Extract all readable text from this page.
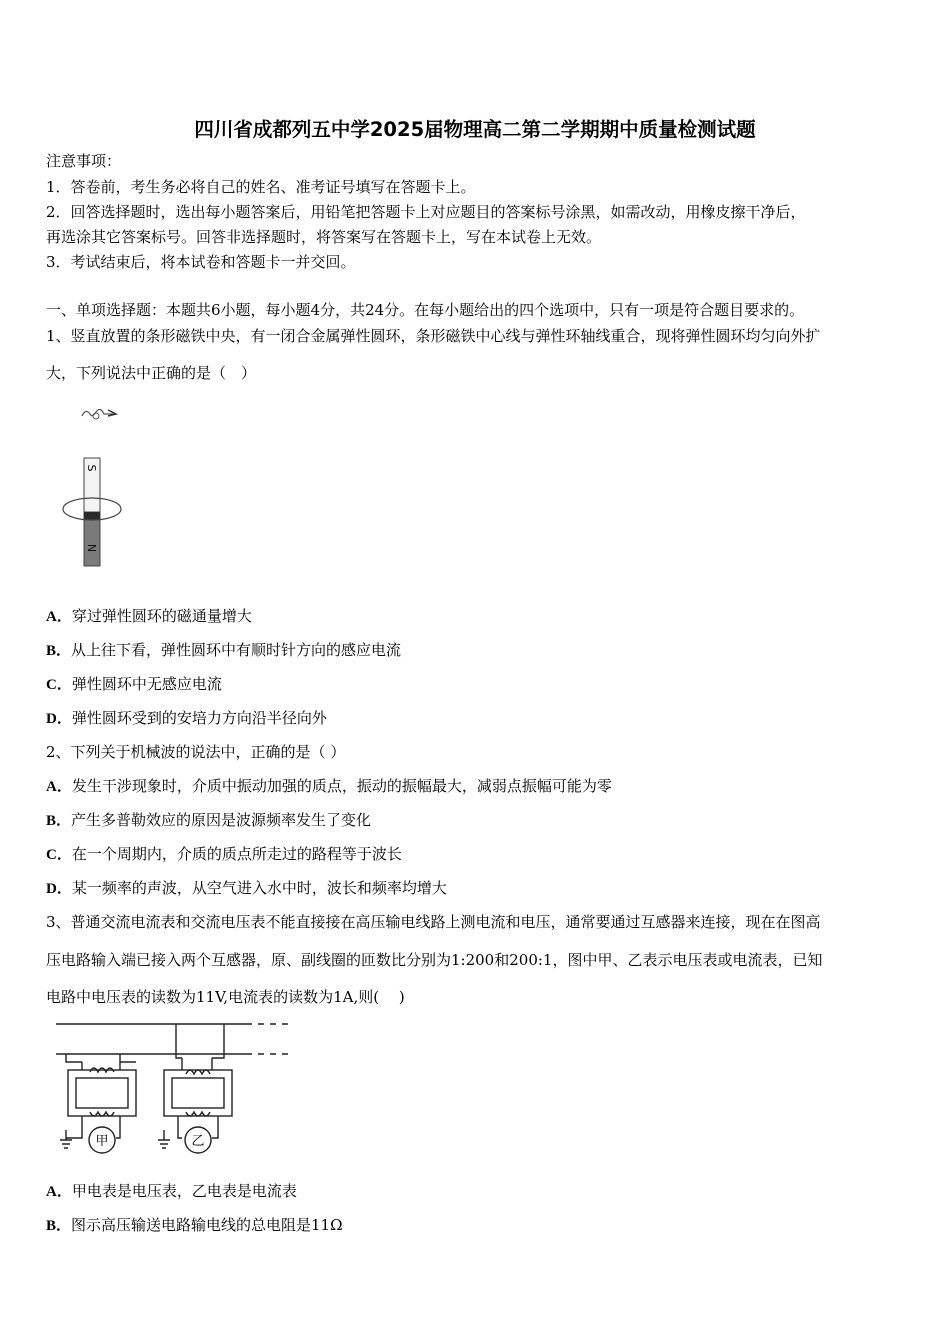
四川省成都列五中学2025届物理高二第二学期期中质量检测试题
注意事项：
1．答卷前，考生务必将自己的姓名、准考证号填写在答题卡上。
2．回答选择题时，选出每小题答案后，用铅笔把答题卡上对应题目的答案标号涂黑，如需改动，用橡皮擦干净后，
再选涂其它答案标号。回答非选择题时，将答案写在答题卡上，写在本试卷上无效。
3．考试结束后，将本试卷和答题卡一并交回。
一、单项选择题：本题共6小题，每小题4分，共24分。在每小题给出的四个选项中，只有一项是符合题目要求的。
1、竖直放置的条形磁铁中央，有一闭合金属弹性圆环，条形磁铁中心线与弹性环轴线重合，现将弹性圆环均匀向外扩
大，下列说法中正确的是（　）
S
N
A．穿过弹性圆环的磁通量增大
B．从上往下看，弹性圆环中有顺时针方向的感应电流
C．弹性圆环中无感应电流
D．弹性圆环受到的安培力方向沿半径向外
2、下列关于机械波的说法中，正确的是（ ）
A．发生干涉现象时，介质中振动加强的质点，振动的振幅最大，减弱点振幅可能为零
B．产生多普勒效应的原因是波源频率发生了变化
C．在一个周期内，介质的质点所走过的路程等于波长
D．某一频率的声波，从空气进入水中时，波长和频率均增大
3、普通交流电流表和交流电压表不能直接接在高压输电线路上测电流和电压，通常要通过互感器来连接，现在在图高
压电路输入端已接入两个互感器，原、副线圈的匝数比分别为1:200和200:1，图中甲、乙表示电压表或电流表，已知
电路中电压表的读数为11V,电流表的读数为1A,则(　 )
甲	乙
A．甲电表是电压表，乙电表是电流表
B．图示高压输送电路输电线的总电阻是11Ω
